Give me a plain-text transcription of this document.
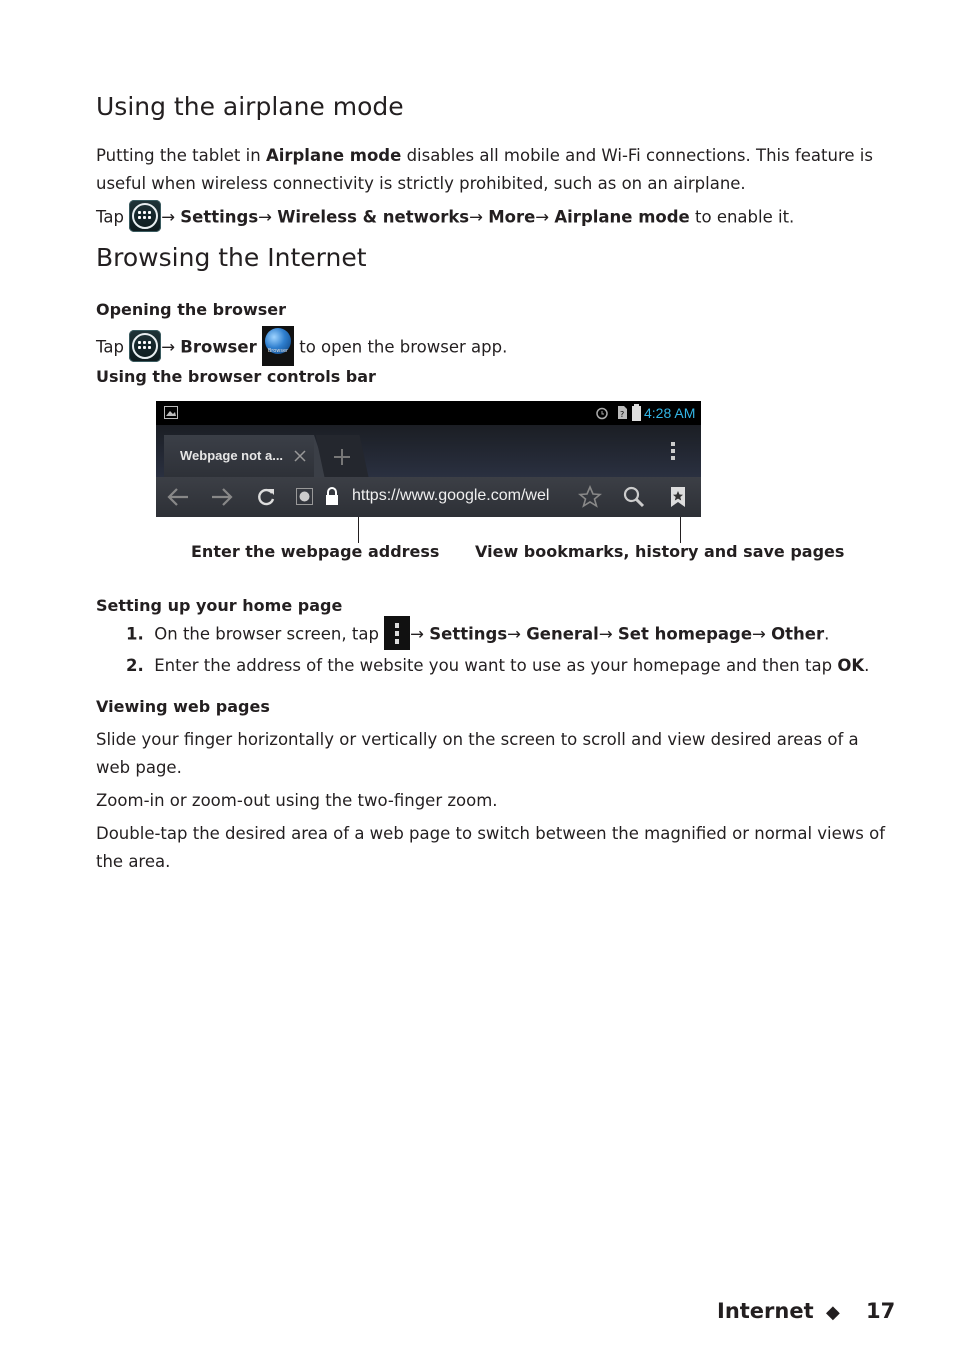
Using the airplane mode

Putting the tablet in Airplane mode disables all mobile and Wi-Fi connections. This feature is

useful when wireless connectivity is strictly prohibited, such as on an airplane.

Tap → Settings→ Wireless & networks→ More→ Airplane mode to enable it.

Browsing the Internet

Opening the browser

Tap → Browser	Browser to open the browser app.

Using the browser controls bar

? 4:28 AM
Webpage not a...
https://www.google.com/wel
Enter the webpage address View bookmarks, history and save pages

Setting up your home page

1. On the browser screen, tap → Settings→ General→ Set homepage→ Other.

2. Enter the address of the website you want to use as your homepage and then tap OK.

Viewing web pages

Slide your finger horizontally or vertically on the screen to scroll and view desired areas of a

web page.

Zoom-in or zoom-out using the two-finger zoom.

Double-tap the desired area of a web page to switch between the magnified or normal views of

the area.

Internet ◆ 17
